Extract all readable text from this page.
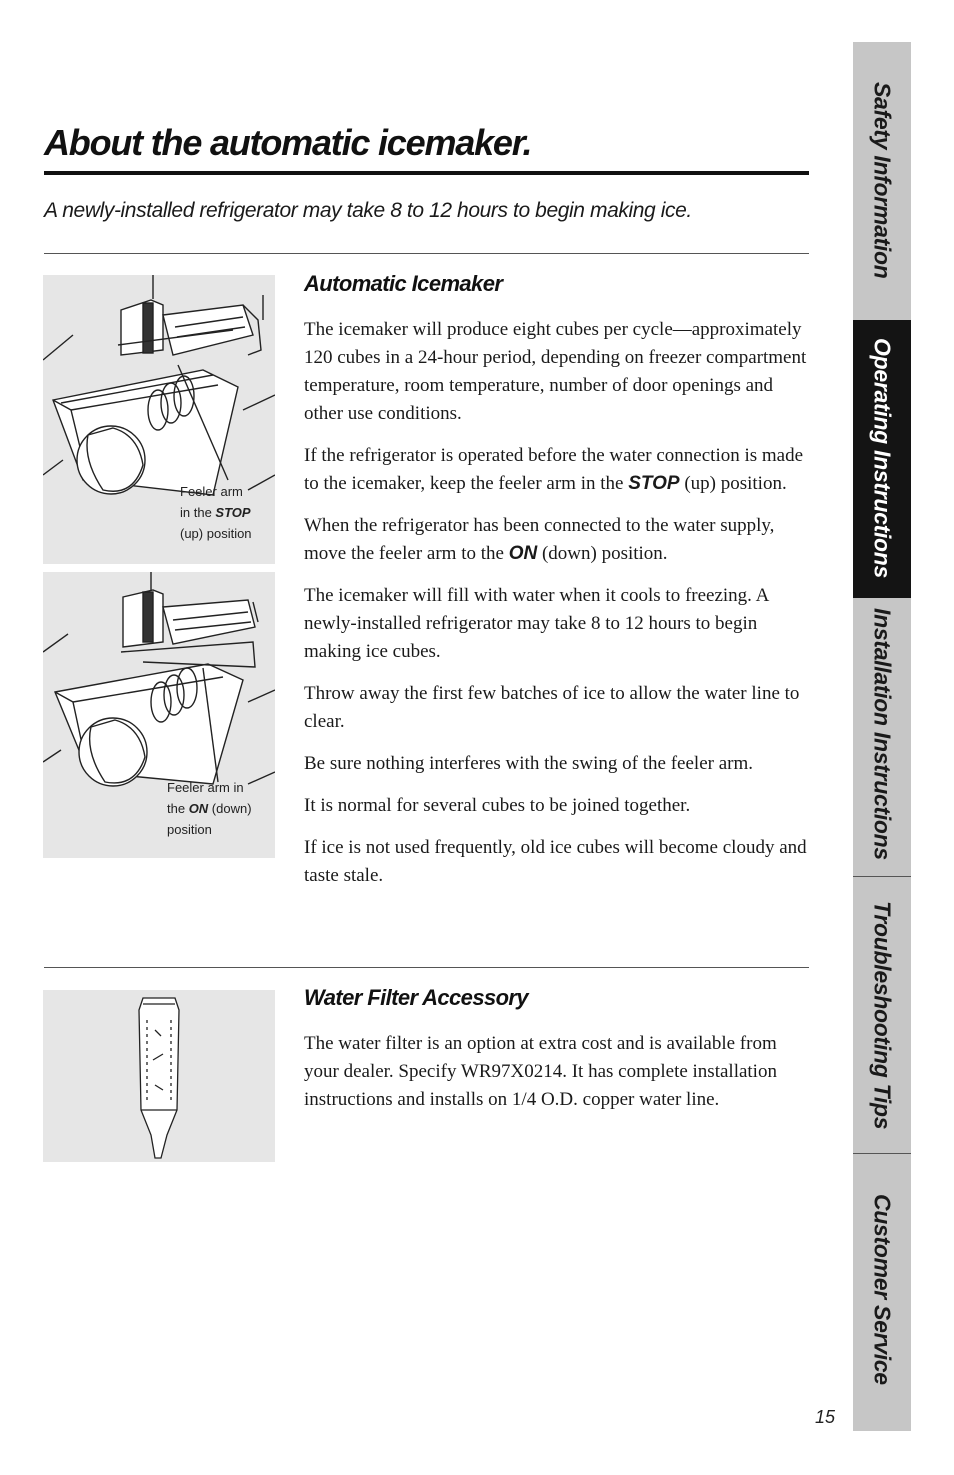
About the automatic icemaker.

A newly-installed refrigerator may take 8 to 12 hours to begin making ice.

Feeler arm
in the STOP
(up) position
Feeler arm in
the ON (down)
position
Automatic Icemaker

The icemaker will produce eight cubes per cycle—approximately 120 cubes in a 24-hour period, depending on freezer compartment temperature, room temperature, number of door openings and other use conditions.

If the refrigerator is operated before the water connection is made to the icemaker, keep the feeler arm in the STOP (up) position.

When the refrigerator has been connected to the water supply, move the feeler arm to the ON (down) position.

The icemaker will fill with water when it cools to freezing. A newly-installed refrigerator may take 8 to 12 hours to begin making ice cubes.

Throw away the first few batches of ice to allow the water line to clear.

Be sure nothing interferes with the swing of the feeler arm.

It is normal for several cubes to be joined together.

If ice is not used frequently, old ice cubes will become cloudy and taste stale.

Water Filter Accessory

The water filter is an option at extra cost and is available from your dealer. Specify WR97X0214. It has complete installation instructions and installs on 1/4 O.D. copper water line.

Safety Information
Operating Instructions
Installation Instructions
Troubleshooting Tips
Customer Service
15
